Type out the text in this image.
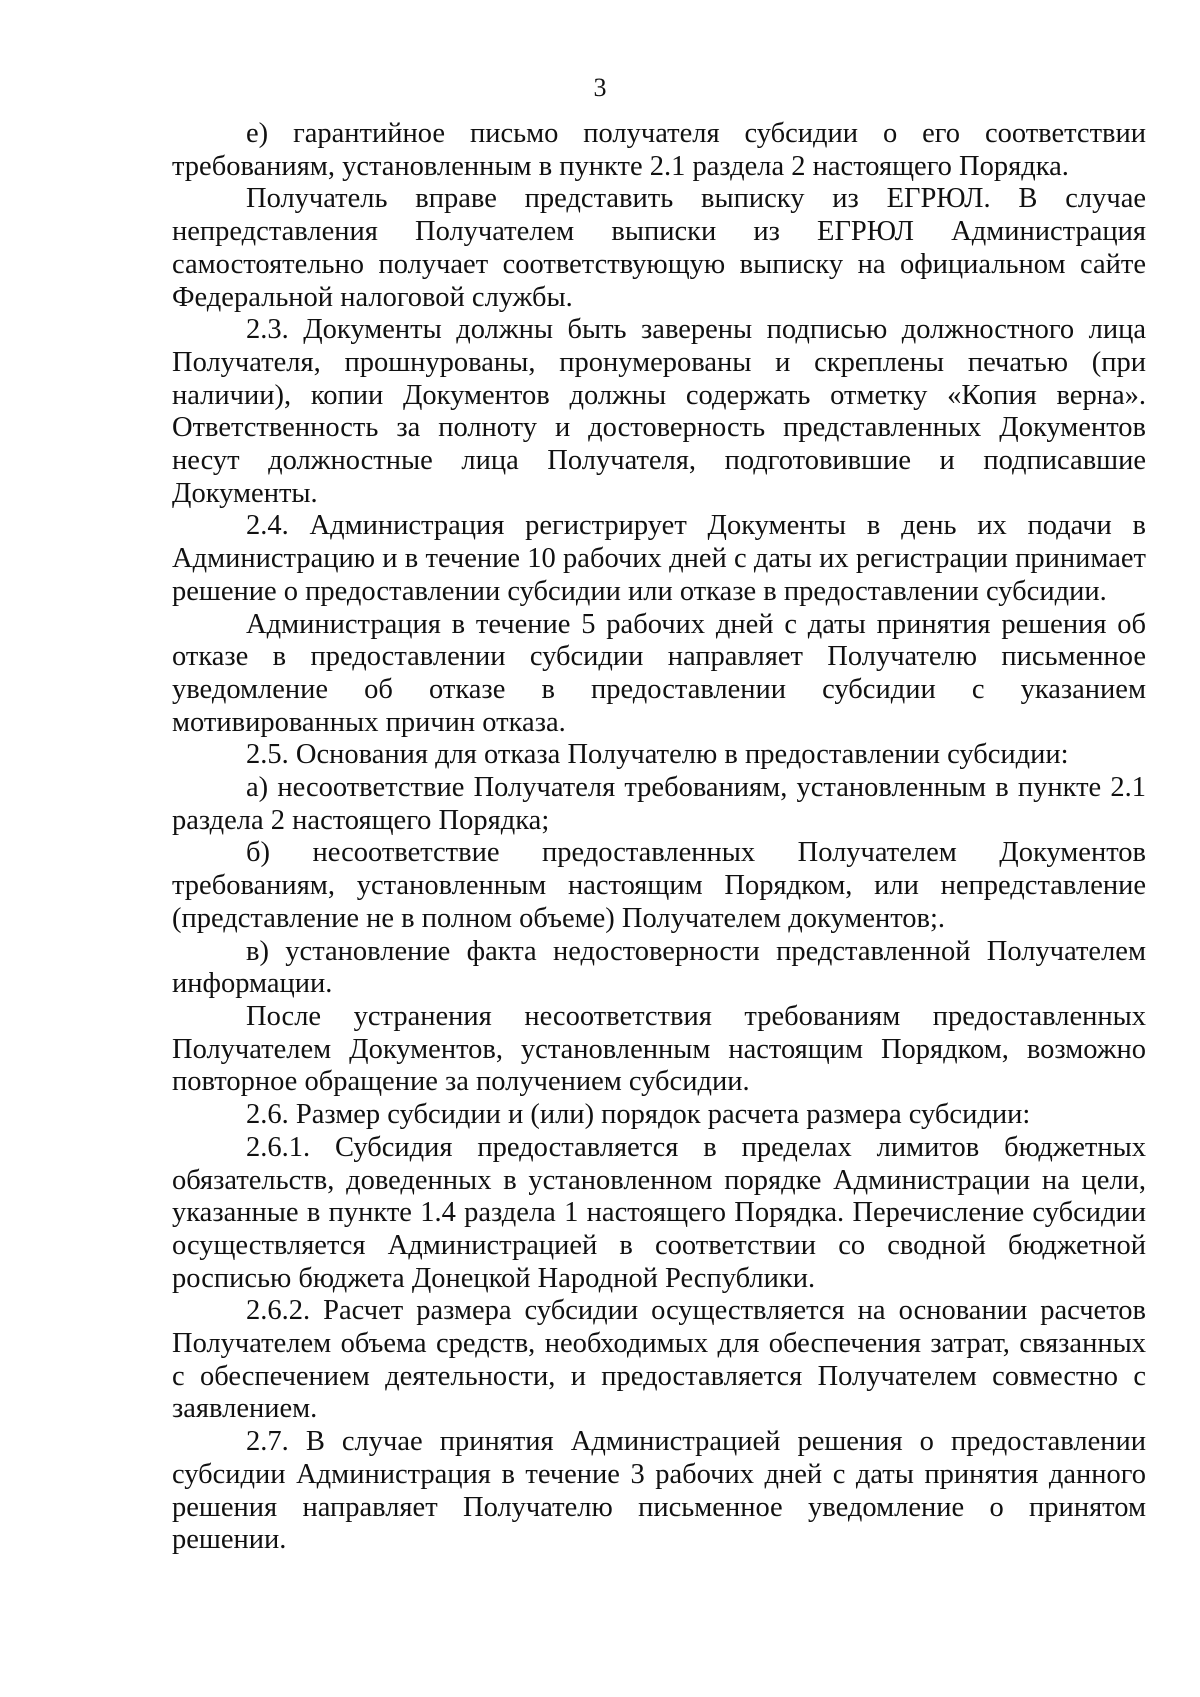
3

е) гарантийное письмо получателя субсидии о его соответствии требованиям, установленным в пункте 2.1 раздела 2 настоящего Порядка.

Получатель вправе представить выписку из ЕГРЮЛ. В случае непредставления Получателем выписки из ЕГРЮЛ Администрация самостоятельно получает соответствующую выписку на официальном сайте Федеральной налоговой службы.

2.3. Документы должны быть заверены подписью должностного лица Получателя, прошнурованы, пронумерованы и скреплены печатью (при наличии), копии Документов должны содержать отметку «Копия верна». Ответственность за полноту и достоверность представленных Документов несут должностные лица Получателя, подготовившие и подписавшие Документы.

2.4. Администрация регистрирует Документы в день их подачи в Администрацию и в течение 10 рабочих дней с даты их регистрации принимает решение о предоставлении субсидии или отказе в предоставлении субсидии.

Администрация в течение 5 рабочих дней с даты принятия решения об отказе в предоставлении субсидии направляет Получателю письменное уведомление об отказе в предоставлении субсидии с указанием мотивированных причин отказа.

2.5. Основания для отказа Получателю в предоставлении субсидии:

а) несоответствие Получателя требованиям, установленным в пункте 2.1 раздела 2 настоящего Порядка;

б) несоответствие предоставленных Получателем Документов требованиям, установленным настоящим Порядком, или непредставление (представление не в полном объеме) Получателем документов;.

в) установление факта недостоверности представленной Получателем информации.

После устранения несоответствия требованиям предоставленных Получателем Документов, установленным настоящим Порядком, возможно повторное обращение за получением субсидии.

2.6. Размер субсидии и (или) порядок расчета размера субсидии:

2.6.1. Субсидия предоставляется в пределах лимитов бюджетных обязательств, доведенных в установленном порядке Администрации на цели, указанные в пункте 1.4 раздела 1 настоящего Порядка. Перечисление субсидии осуществляется Администрацией в соответствии со сводной бюджетной росписью бюджета Донецкой Народной Республики.

2.6.2. Расчет размера субсидии осуществляется на основании расчетов Получателем объема средств, необходимых для обеспечения затрат, связанных с обеспечением деятельности, и предоставляется Получателем совместно с заявлением.

2.7. В случае принятия Администрацией решения о предоставлении субсидии Администрация в течение 3 рабочих дней с даты принятия данного решения направляет Получателю письменное уведомление о принятом решении.
